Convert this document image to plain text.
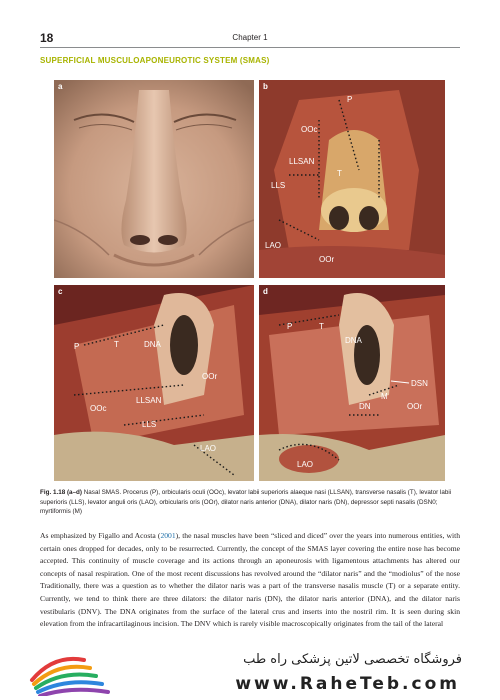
18	Chapter 1
SUPERFICIAL MUSCULOAPONEUROTIC SYSTEM (SMAS)
a
P
OOc
LLSAN
T
LLS
LAO
OOr
b
P	T	DNA
OOr
OOc
LLSAN
LLS
LAO
c
P	T
DNA
DSN
M
DN	OOr
LAO
d
Fig. 1.18 (a–d) Nasal SMAS. Procerus (P), orbicularis oculi (OOc), levator labii superioris alaeque nasi (LLSAN), transverse nasalis (T), levator labii superioris (LLS), levator anguli oris (LAO), orbicularis oris (OOr), dilator naris anterior (DNA), dilator naris (DN), depressor septi nasalis (DSN0; myrtiformis (M)
As emphasized by Figallo and Acosta (2001), the nasal muscles have been “sliced and diced” over the years into numerous entities, with certain ones dropped for decades, only to be resurrected. Currently, the concept of the SMAS layer covering the entire nose has become accepted. This continuity of muscle coverage and its actions through an aponeurosis with ligamentous attachments has altered our concepts of nasal respiration. One of the most recent discussions has revolved around the “dilator naris” and the “modiolus” of the nose Traditionally, there was a question as to whether the dilator naris was a part of the transverse nasalis muscle (T) or a separate entity. Currently, we tend to think there are three dilators: the dilator naris (DN), the dilator naris anterior (DNA), and the dilator naris vestibularis (DNV). The DNA originates from the surface of the lateral crus and inserts into the nostril rim. It is seen during skin elevation from the infracartilaginous incision. The DNV which is rarely visible macroscopically originates from the tail of the lateral
فروشگاه تخصصی لاتین پزشکی راه طب
www.RaheTeb.com
